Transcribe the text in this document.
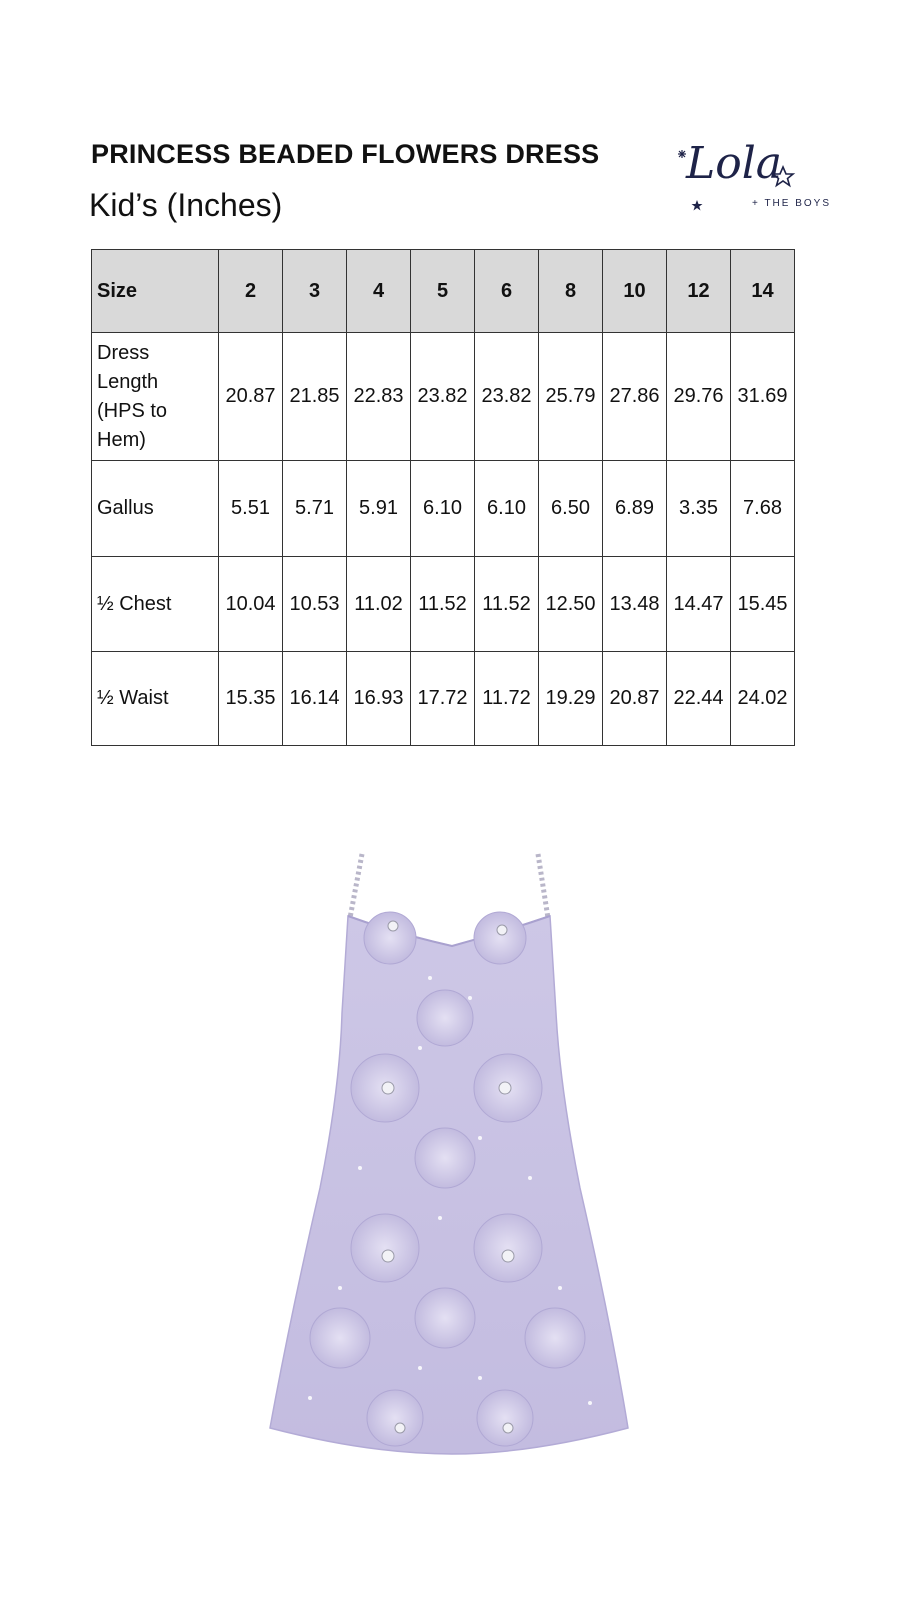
PRINCESS BEADED FLOWERS DRESS
Kid’s (Inches)
Lola
+ THE BOYS
Size	2	3	4	5	6	8	10	12	14
Dress Length (HPS to Hem)	20.87	21.85	22.83	23.82	23.82	25.79	27.86	29.76	31.69
Gallus	5.51	5.71	5.91	6.10	6.10	6.50	6.89	3.35	7.68
½ Chest	10.04	10.53	11.02	11.52	11.52	12.50	13.48	14.47	15.45
½ Waist	15.35	16.14	16.93	17.72	11.72	19.29	20.87	22.44	24.02
